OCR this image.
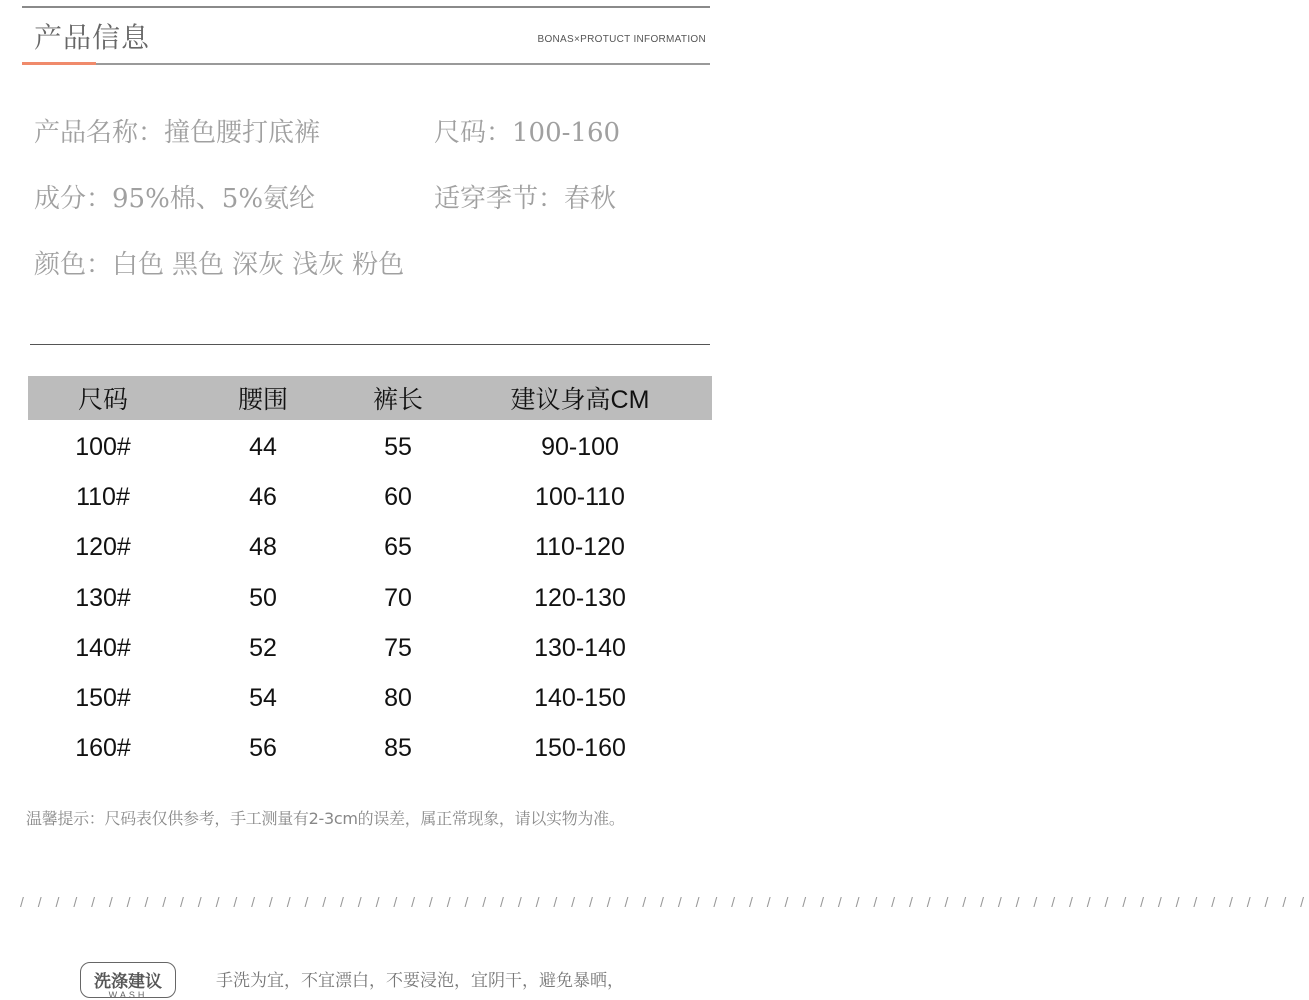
产品信息	BONAS×PROTUCT INFORMATION
产品名称：撞色腰打底裤	尺码：100-160
成分：95%棉、5%氨纶	适穿季节：春秋
颜色：白色 黑色 深灰 浅灰 粉色
尺码	腰围	裤长	建议身高CM
100#	44	55	90-100
110#	46	60	100-110
120#	48	65	110-120
130#	50	70	120-130
140#	52	75	130-140
150#	54	80	140-150
160#	56	85	150-160
温馨提示：尺码表仅供参考，手工测量有2-3cm的误差，属正常现象，请以实物为准。
/ / / / / / / / / / / / / / / / / / / / / / / / / / / / / / / / / / / / / / / / / / / / / / / / / / / / / / / / / / / / / / / / / / / / / / / / /
洗涤建议
WASH
手洗为宜，不宜漂白，不要浸泡，宜阴干，避免暴晒，
